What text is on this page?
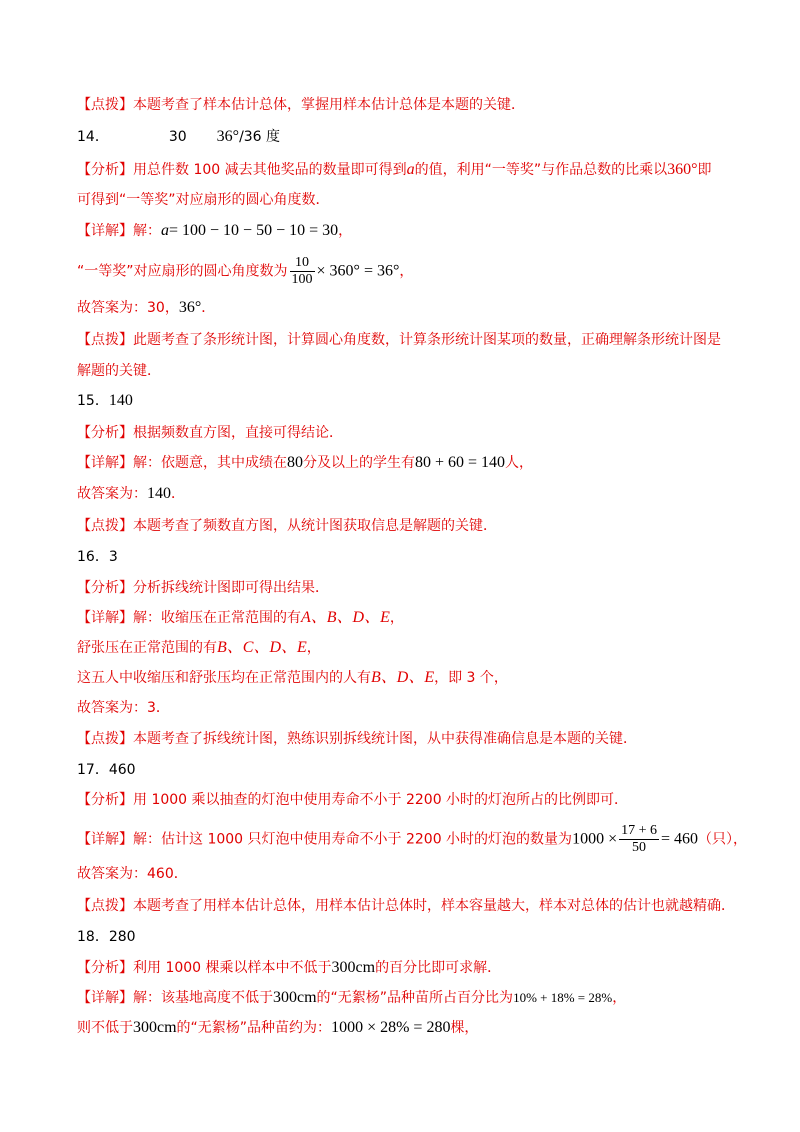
【点拨】本题考查了样本估计总体，掌握用样本估计总体是本题的关键．
14．	30 36°/36 度
【分析】用总件数 100 减去其他奖品的数量即可得到a的值，利用“一等奖”与作品总数的比乘以360°即
可得到“一等奖”对应扇形的圆心角度数．
【详解】解：a= 100 − 10 − 50 − 10 = 30，
“一等奖”对应扇形的圆心角度数为 $\frac{10}{100} \times 360^\circ = 36^\circ$，
故答案为：30，36°．
【点拨】此题考查了条形统计图，计算圆心角度数，计算条形统计图某项的数量，正确理解条形统计图是
解题的关键．
15．140
【分析】根据频数直方图，直接可得结论．
【详解】解：依题意，其中成绩在80分及以上的学生有80 + 60 = 140人，
故答案为：140．
【点拨】本题考查了频数直方图，从统计图获取信息是解题的关键．
16．3
【分析】分析拆线统计图即可得出结果．
【详解】解：收缩压在正常范围的有A、B、D、E，
舒张压在正常范围的有B、C、D、E，
这五人中收缩压和舒张压均在正常范围内的人有B、D、E，即 3 个，
故答案为：3．
【点拨】本题考查了拆线统计图，熟练识别拆线统计图，从中获得准确信息是本题的关键．
17．460
【分析】用 1000 乘以抽查的灯泡中使用寿命不小于 2200 小时的灯泡所占的比例即可．
【详解】解：估计这 1000 只灯泡中使用寿命不小于 2200 小时的灯泡的数量为$1000 \times \frac{17 + 6}{50} = 460$（只），
故答案为：460．
【点拨】本题考查了用样本估计总体，用样本估计总体时，样本容量越大，样本对总体的估计也就越精确．
18．280
【分析】利用 1000 棵乘以样本中不低于300cm的百分比即可求解．
【详解】解：该基地高度不低于300cm的“无絮杨”品种苗所占百分比为10% + 18% = 28%，
则不低于300cm的“无絮杨”品种苗约为：1000 × 28% = 280棵，
